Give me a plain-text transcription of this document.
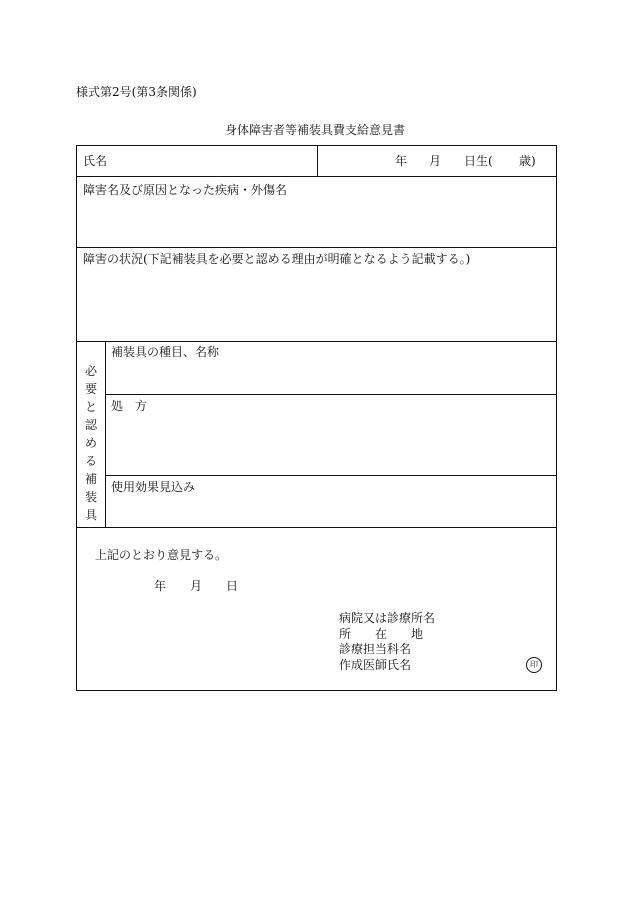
様式第2号(第3条関係)
身体障害者等補装具費支給意見書
氏名	年 月 日生( 歳)
障害名及び原因となった疾病・外傷名
障害の状況(下記補装具を必要と認める理由が明確となるよう記載する。)
必
要
と
認
め
る
補
装
具
補装具の種目、名称
処　方
使用効果見込み
上記のとおり意見する。
年 月 日
病院又は診療所名
所　　在　　地
診療担当科名
作成医師氏名	印
